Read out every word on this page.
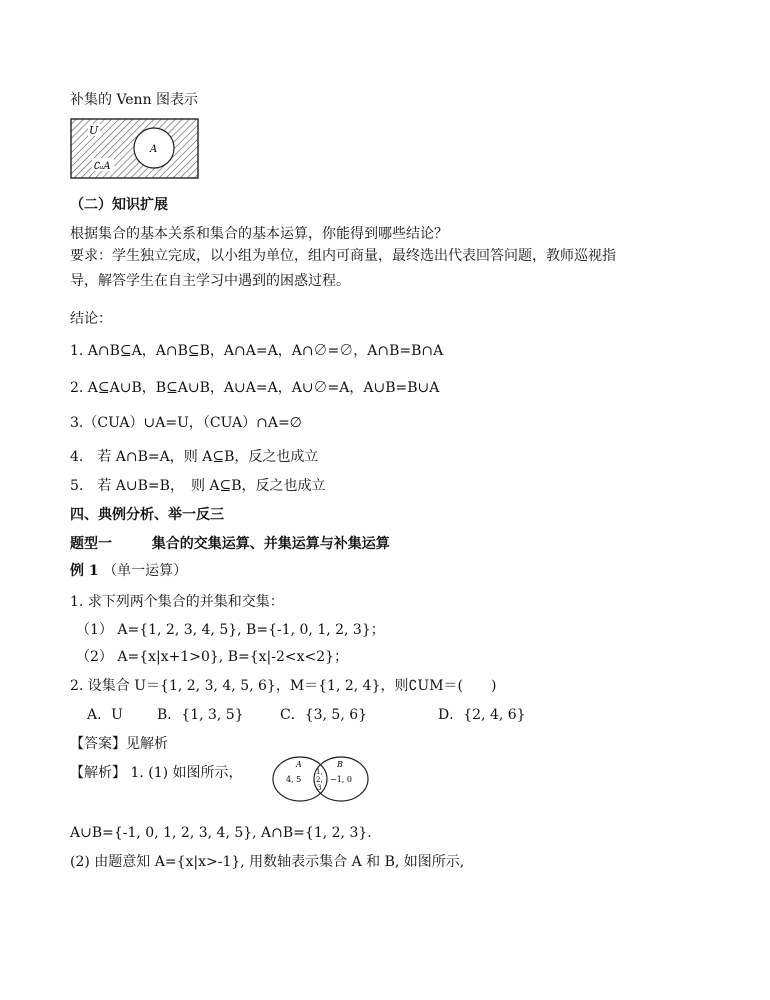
补集的 Venn 图表示
U
A
∁ᵤA
（二）知识扩展
根据集合的基本关系和集合的基本运算，你能得到哪些结论？
要求：学生独立完成，以小组为单位，组内可商量，最终选出代表回答问题，教师巡视指
导，解答学生在自主学习中遇到的困惑过程。
结论：
1. A∩B⊆A，A∩B⊆B，A∩A=A，A∩∅=∅，A∩B=B∩A
2. A⊆A∪B，B⊆A∪B，A∪A=A，A∪∅=A，A∪B=B∪A
3.（CUA）∪A=U，（CUA）∩A=∅
4.　若 A∩B=A，则 A⊆B，反之也成立
5.　若 A∪B=B，　则 A⊆B，反之也成立
四、典例分析、举一反三
题型一	集合的交集运算、并集运算与补集运算
例 1 （单一运算）
1. 求下列两个集合的并集和交集：
（1） A={1, 2, 3, 4, 5}, B={-1, 0, 1, 2, 3}；
（2） A={x|x+1>0}, B={x|-2<x<2}；
2. 设集合 U＝{1, 2, 3, 4, 5, 6}，M＝{1, 2, 4}，则∁UM＝(　　)
A．U B．{1, 3, 5}	C．{3, 5, 6}	D．{2, 4, 6}
【答案】见解析
【解析】 1. (1) 如图所示，
A	B
4, 5
1,
2,
3
−1, 0
A∪B={-1, 0, 1, 2, 3, 4, 5}, A∩B={1, 2, 3}.
(2) 由题意知 A={x|x>-1}, 用数轴表示集合 A 和 B, 如图所示,
